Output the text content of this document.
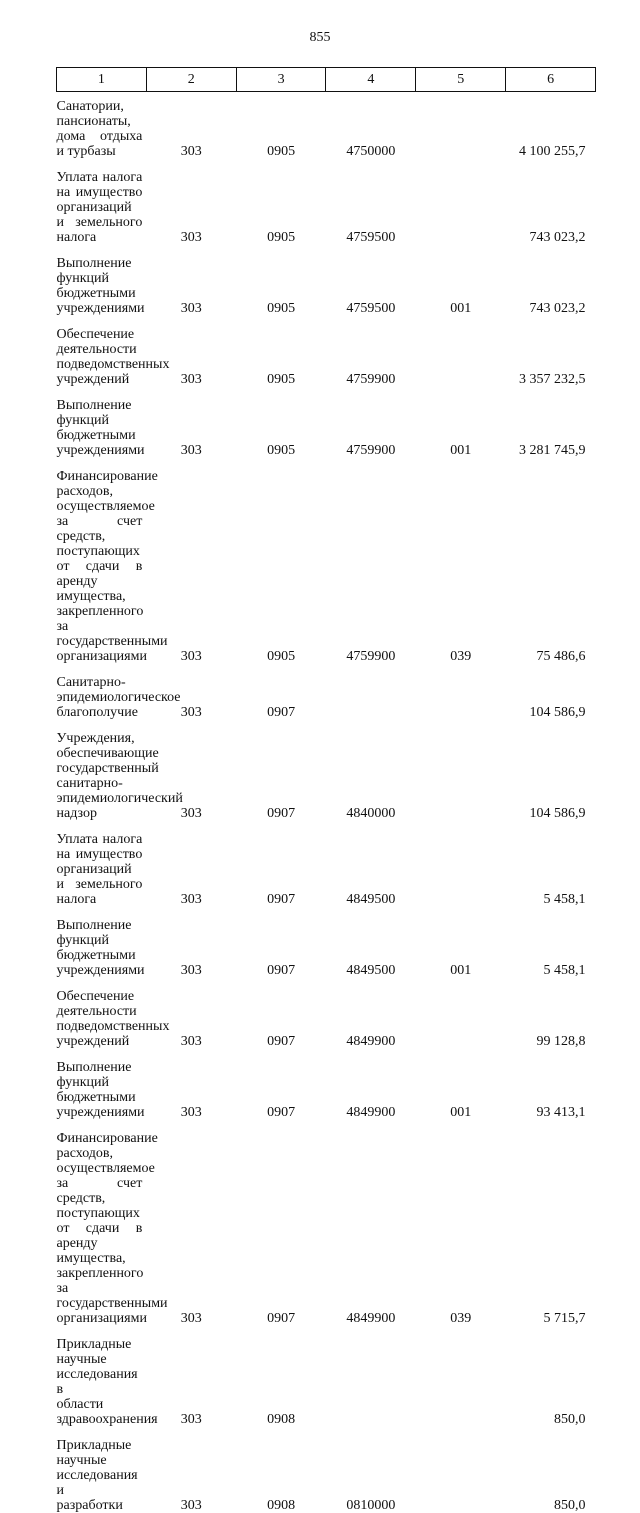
855
1	2	3	4	5	6

Санатории, пансионаты, дома отдыха
и турбазы	303	0905	4750000		4 100 255,7

Уплата налога на имущество
организаций и земельного налога	303	0905	4759500		743 023,2

Выполнение функций бюджетными
учреждениями	303	0905	4759500	001	743 023,2

Обеспечение деятельности
подведомственных учреждений	303	0905	4759900		3 357 232,5

Выполнение функций бюджетными
учреждениями	303	0905	4759900	001	3 281 745,9

Финансирование расходов,
осуществляемое за счет средств,
поступающих от сдачи в аренду
имущества, закрепленного за
государственными организациями	303	0905	4759900	039	75 486,6

Санитарно-эпидемиологическое
благополучие	303	0907			104 586,9

Учреждения, обеспечивающие
государственный санитарно-
эпидемиологический надзор	303	0907	4840000		104 586,9

Уплата налога на имущество
организаций и земельного налога	303	0907	4849500		5 458,1

Выполнение функций бюджетными
учреждениями	303	0907	4849500	001	5 458,1

Обеспечение деятельности
подведомственных учреждений	303	0907	4849900		99 128,8

Выполнение функций бюджетными
учреждениями	303	0907	4849900	001	93 413,1

Финансирование расходов,
осуществляемое за счет средств,
поступающих от сдачи в аренду
имущества, закрепленного за
государственными организациями	303	0907	4849900	039	5 715,7

Прикладные научные исследования в
области здравоохранения	303	0908			850,0

Прикладные научные исследования и
разработки	303	0908	0810000		850,0
